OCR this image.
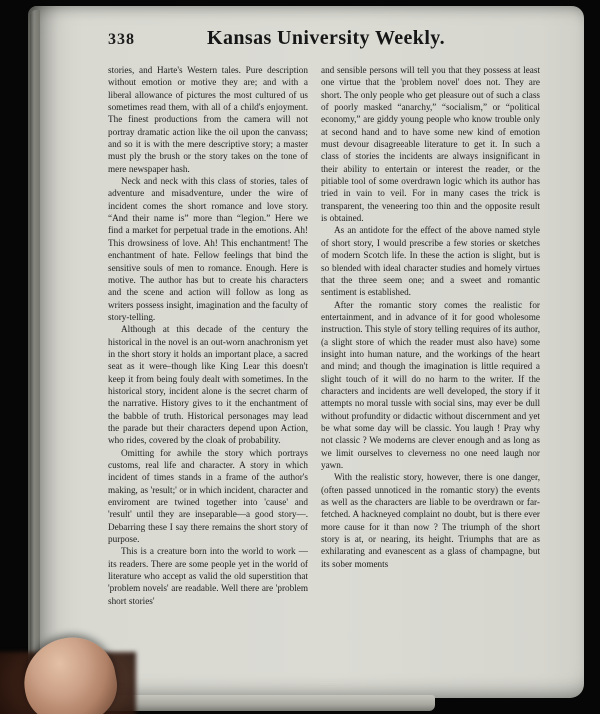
338	Kansas University Weekly.

stories, and Harte's Western tales. Pure description without emotion or motive they are; and with a liberal allowance of pictures the most cultured of us sometimes read them, with all of a child's enjoyment. The finest productions from the camera will not portray dramatic action like the oil upon the canvass; and so it is with the mere descriptive story; a master must ply the brush or the story takes on the tone of mere newspaper hash.

Neck and neck with this class of stories, tales of adventure and misadventure, under the wire of incident comes the short romance and love story. “And their name is” more than “legion.” Here we find a market for perpetual trade in the emotions. Ah! This drowsiness of love. Ah! This enchantment! The enchantment of hate. Fellow feelings that bind the sensitive souls of men to romance. Enough. Here is motive. The author has but to create his characters and the scene and action will follow as long as writers possess insight, imagination and the faculty of story-telling.

Although at this decade of the century the historical in the novel is an out-worn anachronism yet in the short story it holds an important place, a sacred seat as it were–though like King Lear this doesn't keep it from being fouly dealt with sometimes. In the historical story, incident alone is the secret charm of the narrative. History gives to it the enchantment of the babble of truth. Historical personages may lead the parade but their characters depend upon Action, who rides, covered by the cloak of probability.

Omitting for awhile the story which portrays customs, real life and character. A story in which incident of times stands in a frame of the author's making, as 'result;' or in which incident, character and enviroment are twined together into 'cause' and 'result' until they are inseparable—a good story—. Debarring these I say there remains the short story of purpose.

This is a creature born into the world to work —its readers. There are some people yet in the world of literature who accept as valid the old superstition that 'problem novels' are readable. Well there are 'problem short stories'

and sensible persons will tell you that they possess at least one virtue that the 'problem novel' does not. They are short. The only people who get pleasure out of such a class of poorly masked “anarchy,” “socialism,” or “political economy,” are giddy young people who know trouble only at second hand and to have some new kind of emotion must devour disagreeable literature to get it. In such a class of stories the incidents are always insignificant in their ability to entertain or interest the reader, or the pitiable tool of some overdrawn logic which its author has tried in vain to veil. For in many cases the trick is transparent, the veneering too thin and the opposite result is obtained.

As an antidote for the effect of the above named style of short story, I would prescribe a few stories or sketches of modern Scotch life. In these the action is slight, but is so blended with ideal character studies and homely virtues that the three seem one; and a sweet and romantic sentiment is established.

After the romantic story comes the realistic for entertainment, and in advance of it for good wholesome instruction. This style of story telling requires of its author, (a slight store of which the reader must also have) some insight into human nature, and the workings of the heart and mind; and though the imagination is little required a slight touch of it will do no harm to the writer. If the characters and incidents are well developed, the story if it attempts no moral tussle with social sins, may ever be dull without profundity or didactic without discernment and yet be what some day will be classic. You laugh ! Pray why not classic ? We moderns are clever enough and as long as we limit ourselves to cleverness no one need laugh nor yawn.

With the realistic story, however, there is one danger, (often passed unnoticed in the romantic story) the events as well as the characters are liable to be overdrawn or far-fetched. A hackneyed complaint no doubt, but is there ever more cause for it than now ? The triumph of the short story is at, or nearing, its height. Triumphs that are as exhilarating and evanescent as a glass of champagne, but its sober moments
